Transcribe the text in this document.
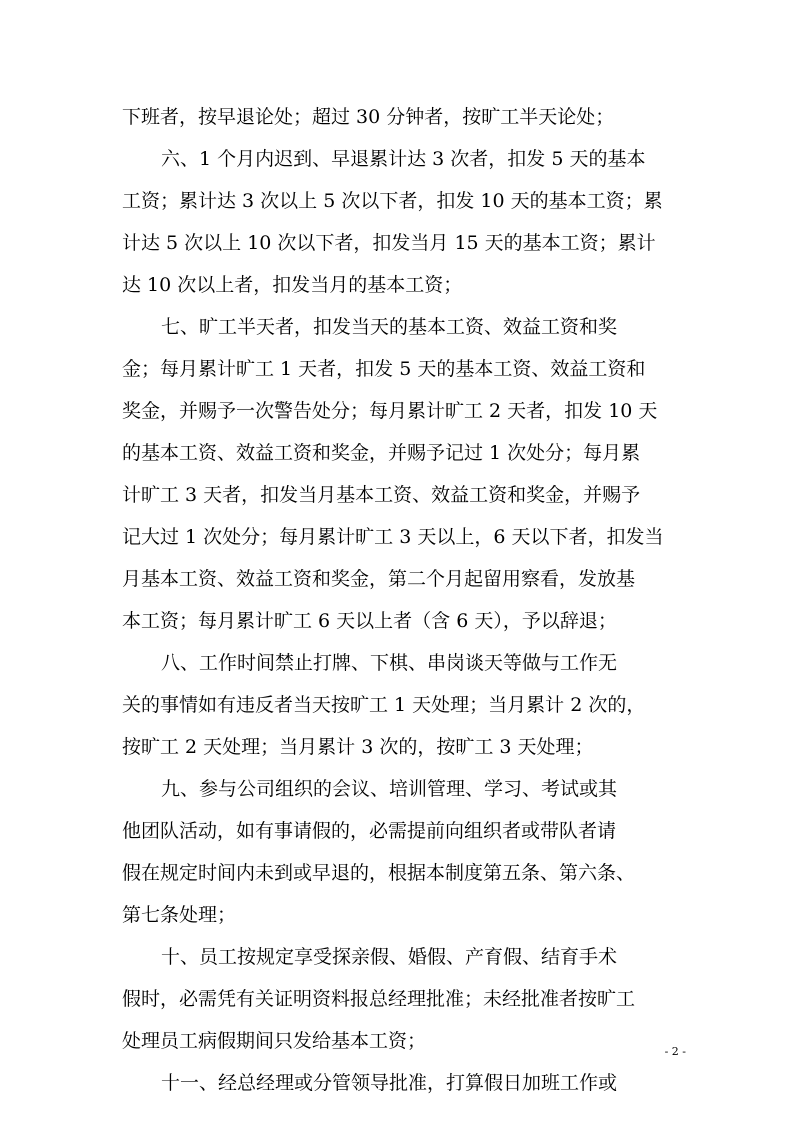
下班者，按早退论处；超过 30 分钟者，按旷工半天论处；
六、1 个月内迟到、早退累计达 3 次者，扣发 5 天的基本
工资；累计达 3 次以上 5 次以下者，扣发 10 天的基本工资；累
计达 5 次以上 10 次以下者，扣发当月 15 天的基本工资；累计
达 10 次以上者，扣发当月的基本工资；
七、旷工半天者，扣发当天的基本工资、效益工资和奖
金；每月累计旷工 1 天者，扣发 5 天的基本工资、效益工资和
奖金，并赐予一次警告处分；每月累计旷工 2 天者，扣发 10 天
的基本工资、效益工资和奖金，并赐予记过 1 次处分；每月累
计旷工 3 天者，扣发当月基本工资、效益工资和奖金，并赐予
记大过 1 次处分；每月累计旷工 3 天以上，6 天以下者，扣发当
月基本工资、效益工资和奖金，第二个月起留用察看，发放基
本工资；每月累计旷工 6 天以上者（含 6 天），予以辞退；
八、工作时间禁止打牌、下棋、串岗谈天等做与工作无
关的事情如有违反者当天按旷工 1 天处理；当月累计 2 次的，
按旷工 2 天处理；当月累计 3 次的，按旷工 3 天处理；
九、参与公司组织的会议、培训管理、学习、考试或其
他团队活动，如有事请假的，必需提前向组织者或带队者请
假在规定时间内未到或早退的，根据本制度第五条、第六条、
第七条处理；
十、员工按规定享受探亲假、婚假、产育假、结育手术
假时，必需凭有关证明资料报总经理批准；未经批准者按旷工
处理员工病假期间只发给基本工资；
十一、经总经理或分管领导批准，打算假日加班工作或
- 2 -
